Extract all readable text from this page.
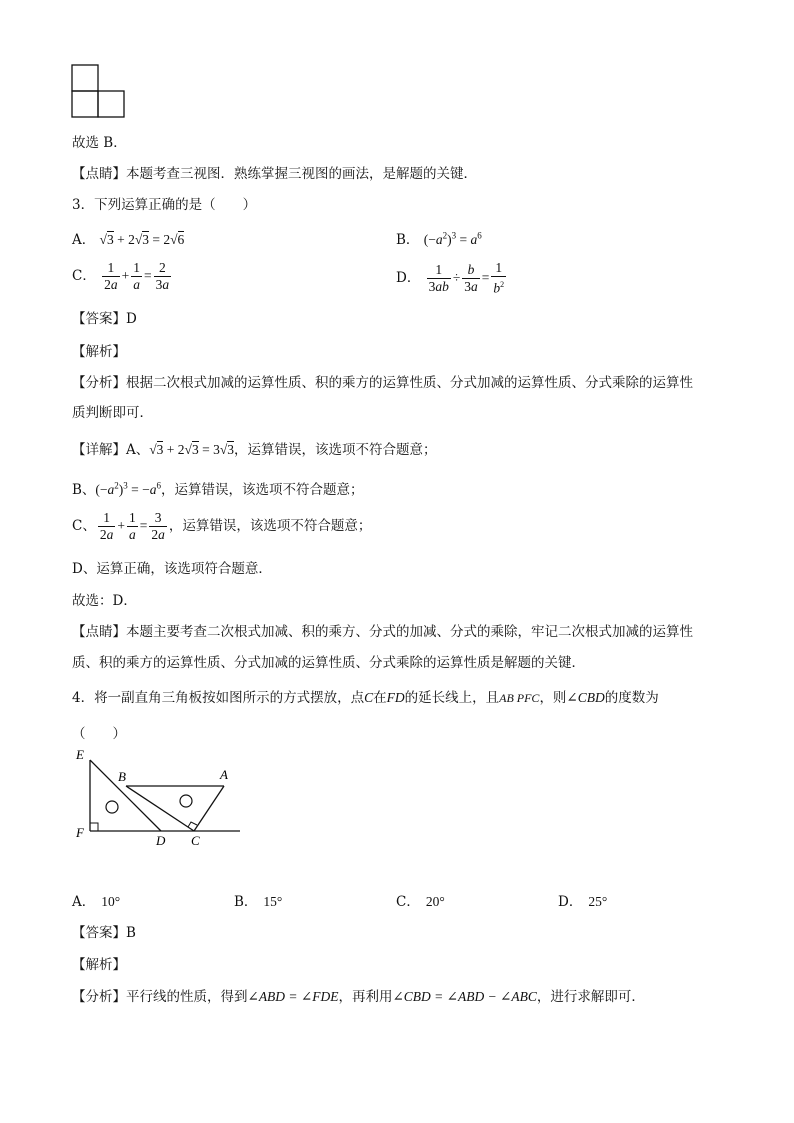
故选 B．
【点睛】本题考查三视图．熟练掌握三视图的画法，是解题的关键．
3．下列运算正确的是（　　）
A． √3 + 2√3 = 2√6	B． $(-a^2)^3 = a^6$
C． $\frac{1}{2a} + \frac{1}{a} = \frac{2}{3a}$	D． $\frac{1}{3ab} \div \frac{b}{3a} = \frac{1}{b^2}$
【答案】D
【解析】
【分析】根据二次根式加减的运算性质、积的乘方的运算性质、分式加减的运算性质、分式乘除的运算性
质判断即可．
【详解】A、√3 + 2√3 = 3√3，运算错误，该选项不符合题意；
B、$(-a^2)^3 = -a^6$，运算错误，该选项不符合题意；
C、 $\frac{1}{2a} + \frac{1}{a} = \frac{3}{2a}$ ，运算错误，该选项不符合题意；
D、运算正确，该选项符合题意．
故选：D．
【点睛】本题主要考查二次根式加减、积的乘方、分式的加减、分式的乘除，牢记二次根式加减的运算性
质、积的乘方的运算性质、分式加减的运算性质、分式乘除的运算性质是解题的关键．
4．将一副直角三角板按如图所示的方式摆放，点C在FD的延长线上，且AB PFC，则∠CBD的度数为
（　　）
E
B	A
F
D C
A． 10°	B． 15°	C． 20°	D． 25°
【答案】B
【解析】
【分析】平行线的性质，得到∠ABD = ∠FDE，再利用∠CBD = ∠ABD − ∠ABC，进行求解即可．
